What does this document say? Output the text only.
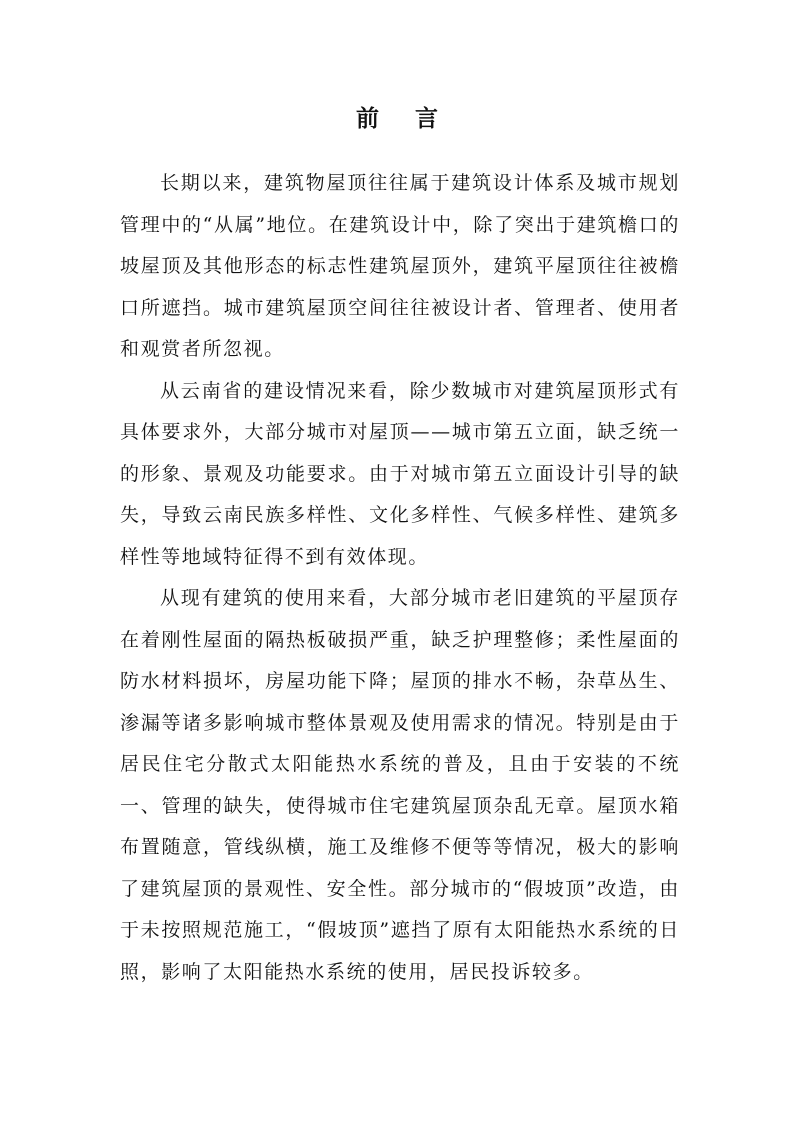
前 言

长期以来，建筑物屋顶往往属于建筑设计体系及城市规划管理中的“从属”地位。在建筑设计中，除了突出于建筑檐口的坡屋顶及其他形态的标志性建筑屋顶外，建筑平屋顶往往被檐口所遮挡。城市建筑屋顶空间往往被设计者、管理者、使用者和观赏者所忽视。

从云南省的建设情况来看，除少数城市对建筑屋顶形式有具体要求外，大部分城市对屋顶——城市第五立面，缺乏统一的形象、景观及功能要求。由于对城市第五立面设计引导的缺失，导致云南民族多样性、文化多样性、气候多样性、建筑多样性等地域特征得不到有效体现。

从现有建筑的使用来看，大部分城市老旧建筑的平屋顶存在着刚性屋面的隔热板破损严重，缺乏护理整修；柔性屋面的防水材料损坏，房屋功能下降；屋顶的排水不畅，杂草丛生、渗漏等诸多影响城市整体景观及使用需求的情况。特别是由于居民住宅分散式太阳能热水系统的普及，且由于安装的不统一、管理的缺失，使得城市住宅建筑屋顶杂乱无章。屋顶水箱布置随意，管线纵横，施工及维修不便等等情况，极大的影响了建筑屋顶的景观性、安全性。部分城市的“假坡顶”改造，由于未按照规范施工，“假坡顶”遮挡了原有太阳能热水系统的日照，影响了太阳能热水系统的使用，居民投诉较多。
